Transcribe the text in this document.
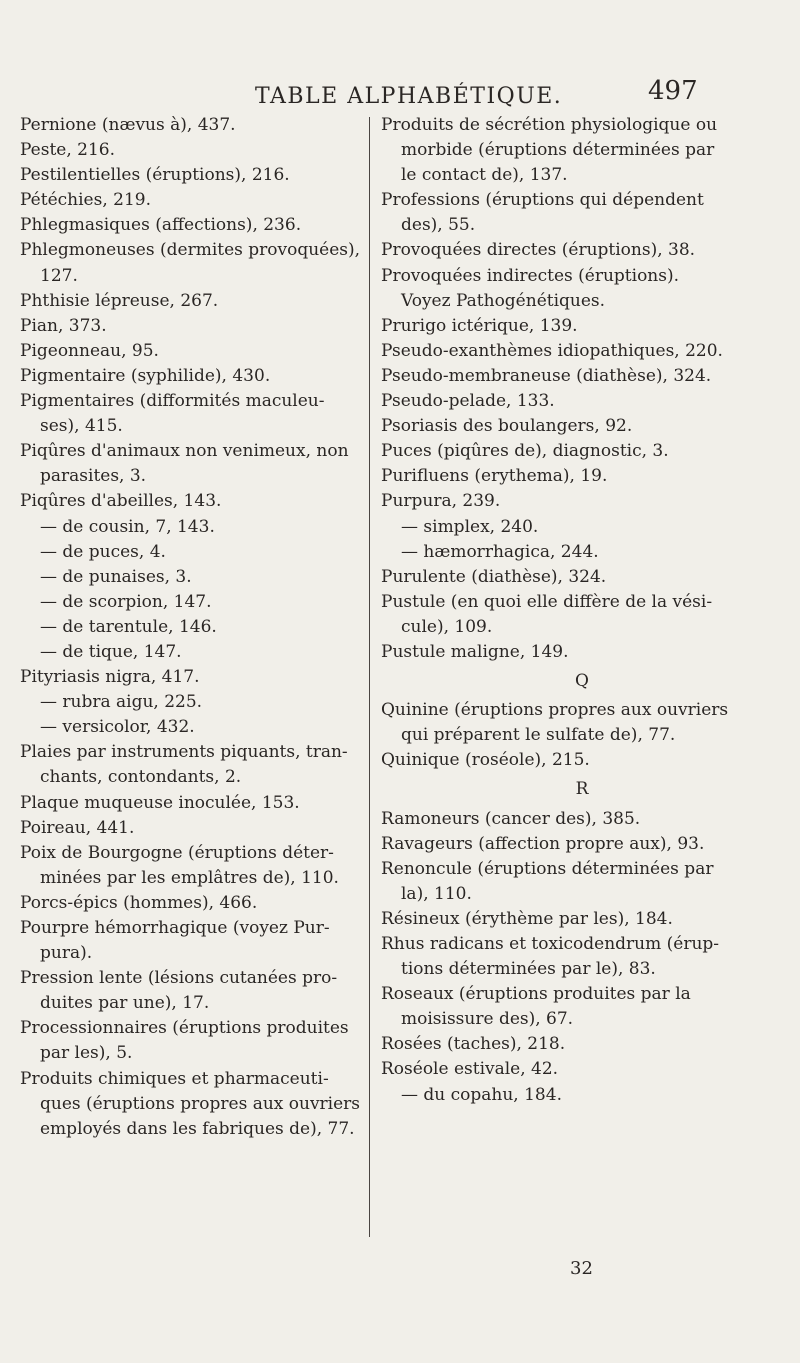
TABLE ALPHABÉTIQUE.	497
Pernione (nævus à), 437.
Peste, 216.
Pestilentielles (éruptions), 216.
Pétéchies, 219.
Phlegmasiques (affections), 236.
Phlegmoneuses (dermites provoquées),
127.
Phthisie lépreuse, 267.
Pian, 373.
Pigeonneau, 95.
Pigmentaire (syphilide), 430.
Pigmentaires (difformités maculeu-
ses), 415.
Piqûres d'animaux non venimeux, non
parasites, 3.
Piqûres d'abeilles, 143.
— de cousin, 7, 143.
— de puces, 4.
— de punaises, 3.
— de scorpion, 147.
— de tarentule, 146.
— de tique, 147.
Pityriasis nigra, 417.
— rubra aigu, 225.
— versicolor, 432.
Plaies par instruments piquants, tran-
chants, contondants, 2.
Plaque muqueuse inoculée, 153.
Poireau, 441.
Poix de Bourgogne (éruptions déter-
minées par les emplâtres de), 110.
Porcs-épics (hommes), 466.
Pourpre hémorrhagique (voyez Pur-
pura).
Pression lente (lésions cutanées pro-
duites par une), 17.
Processionnaires (éruptions produites
par les), 5.
Produits chimiques et pharmaceuti-
ques (éruptions propres aux ouvriers
employés dans les fabriques de), 77.
Produits de sécrétion physiologique ou
morbide (éruptions déterminées par
le contact de), 137.
Professions (éruptions qui dépendent
des), 55.
Provoquées directes (éruptions), 38.
Provoquées indirectes (éruptions).
Voyez Pathogénétiques.
Prurigo ictérique, 139.
Pseudo-exanthèmes idiopathiques, 220.
Pseudo-membraneuse (diathèse), 324.
Pseudo-pelade, 133.
Psoriasis des boulangers, 92.
Puces (piqûres de), diagnostic, 3.
Purifluens (erythema), 19.
Purpura, 239.
— simplex, 240.
— hæmorrhagica, 244.
Purulente (diathèse), 324.
Pustule (en quoi elle diffère de la vési-
cule), 109.
Pustule maligne, 149.
Q
Quinine (éruptions propres aux ouvriers
qui préparent le sulfate de), 77.
Quinique (roséole), 215.
R
Ramoneurs (cancer des), 385.
Ravageurs (affection propre aux), 93.
Renoncule (éruptions déterminées par
la), 110.
Résineux (érythème par les), 184.
Rhus radicans et toxicodendrum (érup-
tions déterminées par le), 83.
Roseaux (éruptions produites par la
moisissure des), 67.
Rosées (taches), 218.
Roséole estivale, 42.
— du copahu, 184.
32
